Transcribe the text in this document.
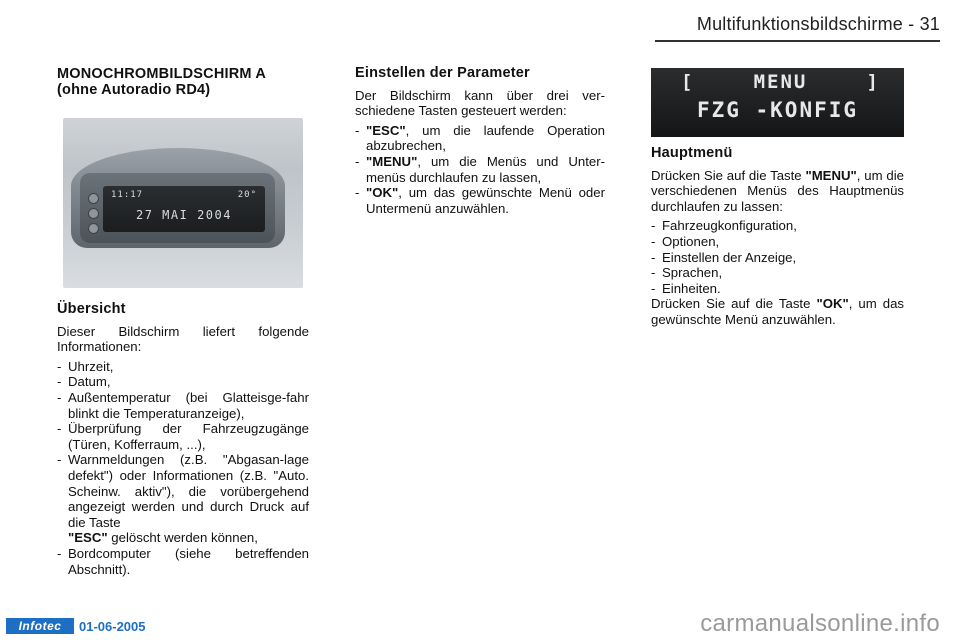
Multifunktionsbildschirme - 31
MONOCHROMBILDSCHIRM A
(ohne Autoradio RD4)
11:17	20°
27 MAI 2004
Übersicht

Dieser Bildschirm liefert folgende Informationen:

- Uhrzeit,
- Datum,
- Außentemperatur (bei Glatteisge-fahr blinkt die Temperaturanzeige),
- Überprüfung der Fahrzeugzugänge (Türen, Kofferraum, ...),
- Warnmeldungen (z.B. "Abgasan-lage defekt") oder Informationen (z.B. "Auto. Scheinw. aktiv"), die vorübergehend angezeigt werden und durch Druck auf die Taste
"ESC" gelöscht werden können,
- Bordcomputer (siehe betreffenden Abschnitt).
Einstellen der Parameter

Der Bildschirm kann über drei ver-schiedene Tasten gesteuert werden:

- "ESC", um die laufende Operation abzubrechen,
- "MENU", um die Menüs und Unter-menüs durchlaufen zu lassen,
- "OK", um das gewünschte Menü oder Untermenü anzuwählen.
[	MENU	]
FZG -KONFIG
Hauptmenü

Drücken Sie auf die Taste "MENU", um die verschiedenen Menüs des Hauptmenüs durchlaufen zu lassen:

- Fahrzeugkonfiguration,
- Optionen,
- Einstellen der Anzeige,
- Sprachen,
- Einheiten.

Drücken Sie auf die Taste "OK", um das gewünschte Menü anzuwählen.

Infotec	01-06-2005	carmanualsonline.info
